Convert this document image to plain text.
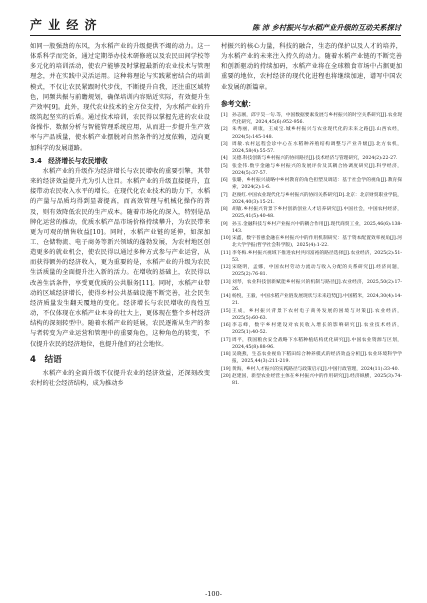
产 业 经 济	陈 沛 乡村振兴与水稻产业升级的互动关系探讨

如同一股强劲的东风，为水稻产业的升级提供不竭的动力。这一体系科学而完备，通过定期举办技术研修班以及农民田间学校等多元化的培训活动，使农户能够及时掌握最新的农业技术与管理理念，并在实践中灵活运用。这种将理论与实践紧密结合的培训模式，不仅让农民紧跟时代步伐，不断提升自我，还注重区域特色，同频共振与前瞻规划，确保培训内容贴近实际，有效提升生产效率[9]。此外，现代农业技术的全方位支持，为水稻产业的升级筑起坚实的后盾。通过技术培训，农民得以掌握先进的农业设备操作、数据分析与智能管理系统应用，从而进一步提升生产效率与产品质量，使水稻产业摆脱对自然条件的过度依赖，迈向更加科学的发展道路。

3.4　经济增长与农民增收

水稻产业的升级作为经济增长与农民增收的重要引擎，其带来的经济效益提升尤为引人注目。水稻产业的升级直接提升，直接带动农民收入水平的增长。在现代化农业技术的助力下，水稻的产量与品质均得到显著提高，而高效管理与机械化操作的普及，则有效降低农民的生产成本。随着市场化的深入，特别是品牌化运营的推动，优质水稻产品市场价格持续攀升，为农民带来更为可观的销售收益[10]。同时，水稻产业链的延伸，如深加工、仓储物流、电子商务等新兴领域的蓬勃发展，为农村地区创造更多的就业机会，使农民得以通过多种方式参与产业运营，从而获得额外的经济收入，更为重要的是，水稻产业的升级为农民生活质量的全面提升注入新的活力。在增收的基础上，农民得以改善生活条件，享受更优质的公共服务[11]。同时，水稻产业带动的区域经济增长，使得乡村公共基础设施不断完善，社会民生经济质量发生翻天覆地的变化。经济增长与农民增收的良性互动，不仅体现在水稻产业本身的壮大上，更体现在整个乡村经济结构的深刻转型中。随着水稻产业的延展，农民逐渐从生产的参与者转变为产业运营和管理中的重要角色，这种角色的转变，不仅提升农民的经济地位，也提升他们的社会地位。

4　结语

水稻产业的全面升级不仅提升农业的经济效益，还深刻改变农村的社会经济结构，成为推动乡

村振兴的核心力量，科技的融合，生态的保护以及人才的培养，为水稻产业的未来注入持久的动力。随着水稻产业链的不断完善和创新驱动的持续加码，水稻产业将在全球粮食市场中占据更加重要的地位，农村经济的现代化进程也将继续加速，谱写中国农业发展的新篇章。

参考文献：
[1] 孙志刚，邱宇昊一句.等，中国数据要素发展与乡村振兴的时空关系研究[J].农业现代化研究，2024,45(6):952-956.
[2] 朱秀丽，胡康，王成宝.城乡村振兴与农业现代化的未来之路[J].山西农经，2024(5):145-148.
[3] 周敏.农村远程会诊中心在水稻种养殖结构调整与产业升级[J].北方农机，2024,58(4):55-57.
[4] 吴德.科技创新与乡村振兴的协同路径[J].技术经济与管理研究，2024(2):22-27.
[5] 张金伟.数字金融与乡村振兴的发展评价及其耦合协调度研究[J].科学经济，2024(5):37-57.
[6] 张璐，乡村振兴战略中乡村教育的角色担塑及调适：基于社会学的视角[J].教育探索，2024(2):1-6.
[7] 赵俊红.中国农业现代化与乡村振兴的协同关系研究[D].北京：北京财贸职业学院，2024,40(3):15-21.
[8] 胡敏.乡村振兴背景下乡村创新创业人才培养研究[J].中国社会，中国农村经济，2025,41(5):40-48.
[9] 孙玉.金融科技与乡村产业振兴中的耦合作用[J].现代商贸工业，2025,46(6):138-143.
[10] 宋鑫，数字普惠金融在乡村振兴中的作用机制研究：基于资本配置效率视角[J].河北大学学报(哲学社会科学版)，2025(4):1-22.
[11] 李冬梅.乡村振兴视域下推进农村共同富裕的路径选择[J].农业经济，2025(2):51-53.
[12] 宋晓明，孟娜，中国农村劳动力流动与收入分配的关系研究[J].经济问题，2025(2):76-81.
[13] 刘琴，农业科技创新赋能乡村振兴的机制与路径[J].农业经济，2025,50(2):17-26.
[14] 杨悦，王毅，中国水稻产业链发展现状与未来趋势[J].中国稻米，2024,30(4):14-21.
[15] 王成，乡村振兴背景下农村电子商务发展的困境与对策[J].农业经济，2025(5):60-63.
[16] 李志峰，数字乡村建设对农民收入增长的影响研究[J].农业技术经济，2025(1):40-52.
[17] 周平，我国粮食安全战略下水稻种植结构优化研究[J].中国农业资源与区划，2024,45(8):88-96.
[18] 吴晓燕，生态农业视角下稻田综合种养模式的经济效益分析[J].农业环境科学学报，2025,44(3):211-219.
[19] 黄海，乡村人才振兴的实践路径与政策启示[J].中国行政管理，2024(11):33-40.
[20] 赵建国，新型农业经营主体在乡村振兴中的作用研究[J].经济纵横，2025(3):74-81.
-100-
